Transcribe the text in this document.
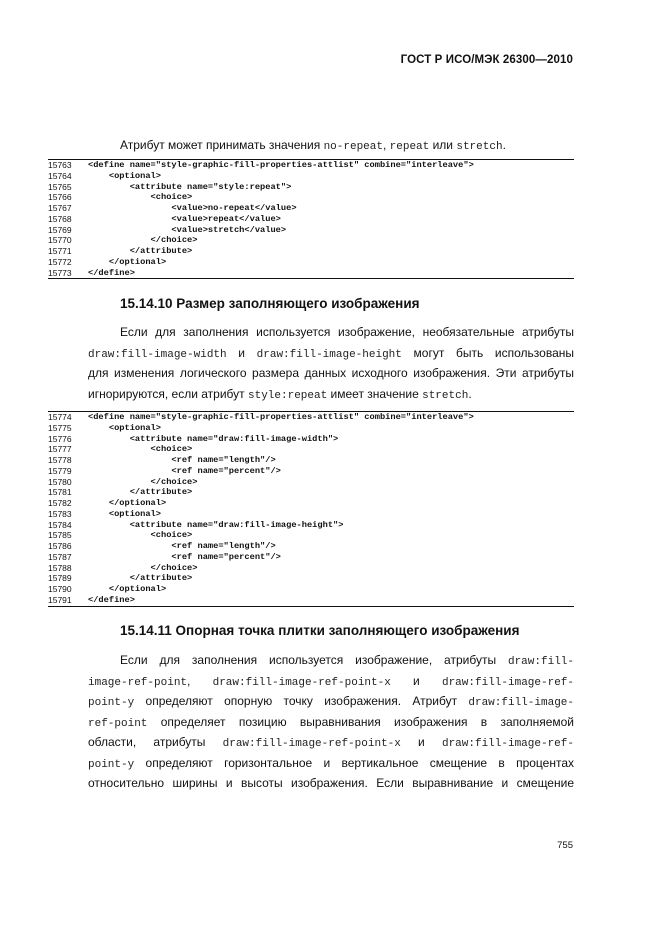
ГОСТ Р ИСО/МЭК 26300—2010
Атрибут может принимать значения no-repeat, repeat или stretch.
15763	<define name="style-graphic-fill-properties-attlist" combine="interleave">
15764	<optional>
15765	<attribute name="style:repeat">
15766	<choice>
15767	<value>no-repeat</value>
15768	<value>repeat</value>
15769	<value>stretch</value>
15770	</choice>
15771	</attribute>
15772	</optional>
15773	</define>
15.14.10 Размер заполняющего изображения
Если для заполнения используется изображение, необязательные атрибуты
draw:fill-image-width и draw:fill-image-height могут быть использованы
для изменения логического размера данных исходного изображения. Эти атрибуты
игнорируются, если атрибут style:repeat имеет значение stretch.
15774	<define name="style-graphic-fill-properties-attlist" combine="interleave">
15775	<optional>
15776	<attribute name="draw:fill-image-width">
15777	<choice>
15778	<ref name="length"/>
15779	<ref name="percent"/>
15780	</choice>
15781	</attribute>
15782	</optional>
15783	<optional>
15784	<attribute name="draw:fill-image-height">
15785	<choice>
15786	<ref name="length"/>
15787	<ref name="percent"/>
15788	</choice>
15789	</attribute>
15790	</optional>
15791	</define>
15.14.11 Опорная точка плитки заполняющего изображения
Если для заполнения используется изображение, атрибуты draw:fill-
image-ref-point, draw:fill-image-ref-point-x и draw:fill-image-ref-
point-y определяют опорную точку изображения. Атрибут draw:fill-image-
ref-point определяет позицию выравнивания изображения в заполняемой
области, атрибуты draw:fill-image-ref-point-x и draw:fill-image-ref-
point-y определяют горизонтальное и вертикальное смещение в процентах
относительно ширины и высоты изображения. Если выравнивание и смещение
755
